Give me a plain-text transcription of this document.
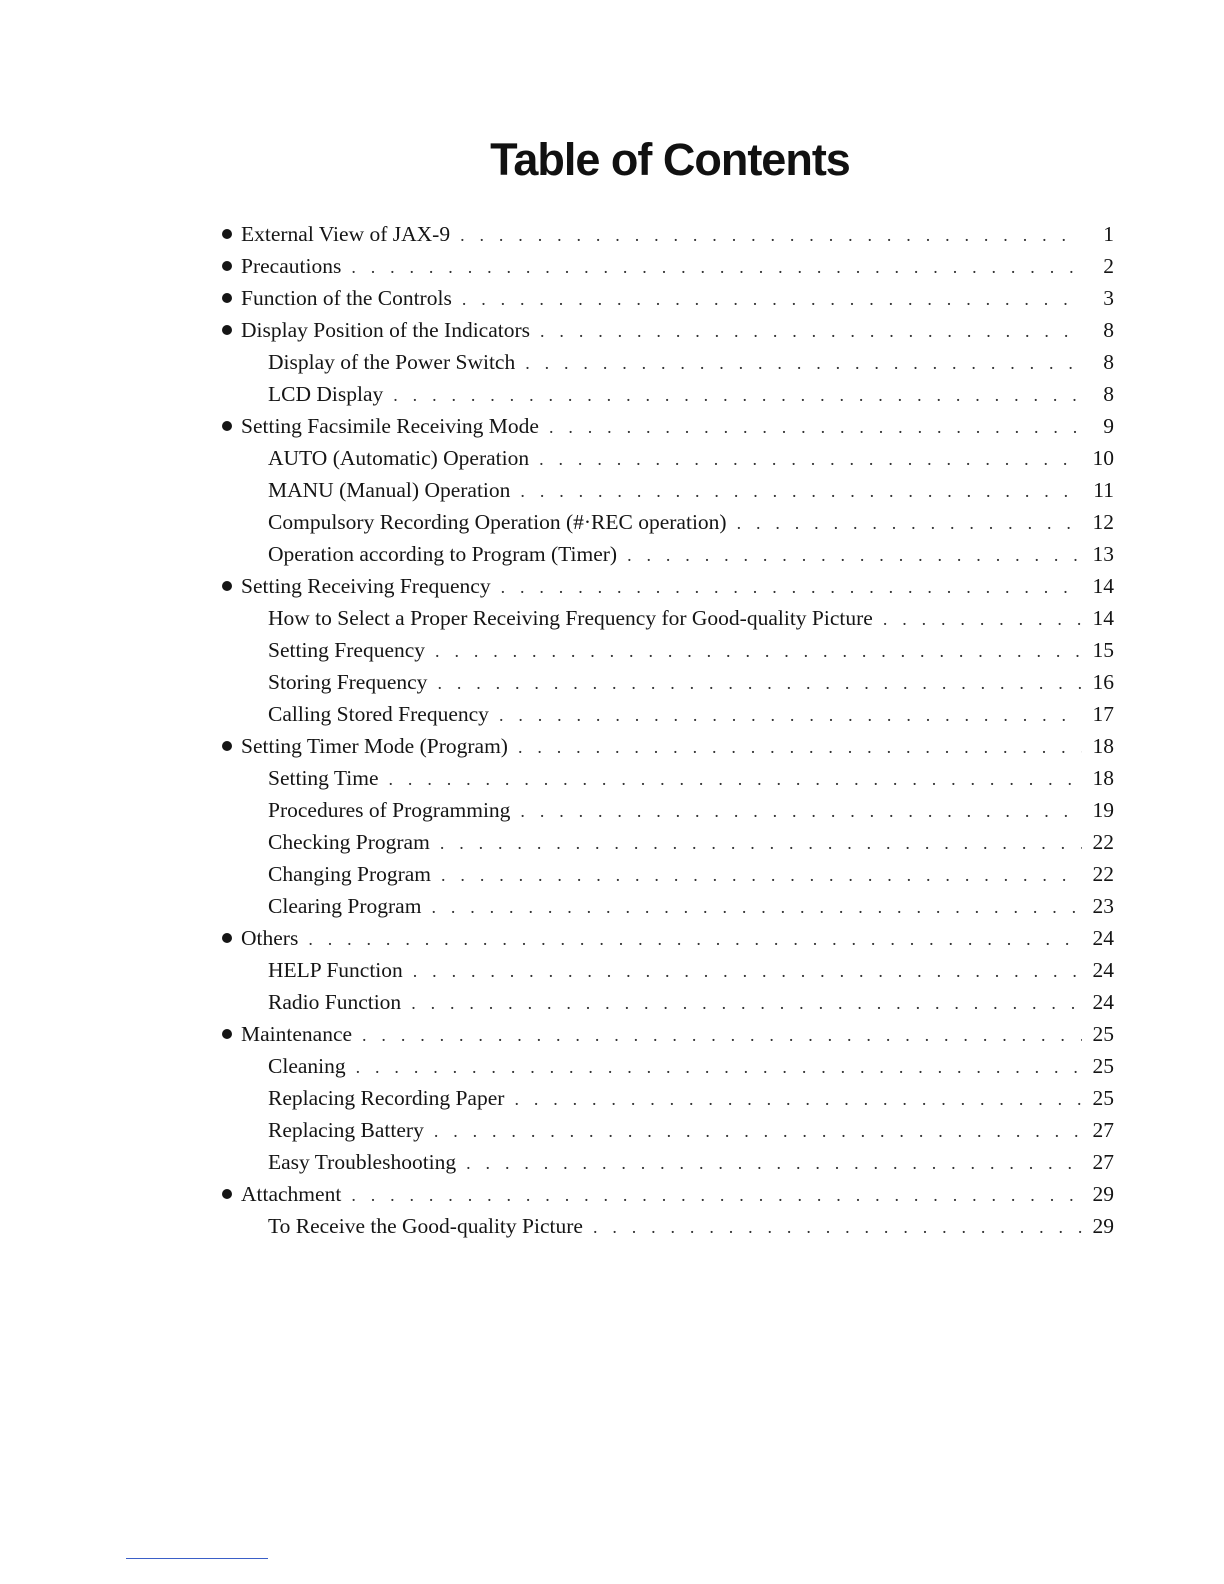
Table of Contents
External View of JAX-9 . . .	1
Precautions . . .	2
Function of the Controls . . .	3
Display Position of the Indicators . . .	8
Display of the Power Switch . . .	8
LCD Display . . .	8
Setting Facsimile Receiving Mode . . .	9
AUTO (Automatic) Operation . . .	10
MANU (Manual) Operation . . .	11
Compulsory Recording Operation (#·REC operation) . . .	12
Operation according to Program (Timer) . . .	13
Setting Receiving Frequency . . .	14
How to Select a Proper Receiving Frequency for Good-quality Picture . . .	14
Setting Frequency . . .	15
Storing Frequency . . .	16
Calling Stored Frequency . . .	17
Setting Timer Mode (Program) . . .	18
Setting Time . . .	18
Procedures of Programming . . .	19
Checking Program . . .	22
Changing Program . . .	22
Clearing Program . . .	23
Others . . .	24
HELP Function . . .	24
Radio Function . . .	24
Maintenance . . .	25
Cleaning . . .	25
Replacing Recording Paper . . .	25
Replacing Battery . . .	27
Easy Troubleshooting . . .	27
Attachment . . .	29
To Receive the Good-quality Picture . . .	29
